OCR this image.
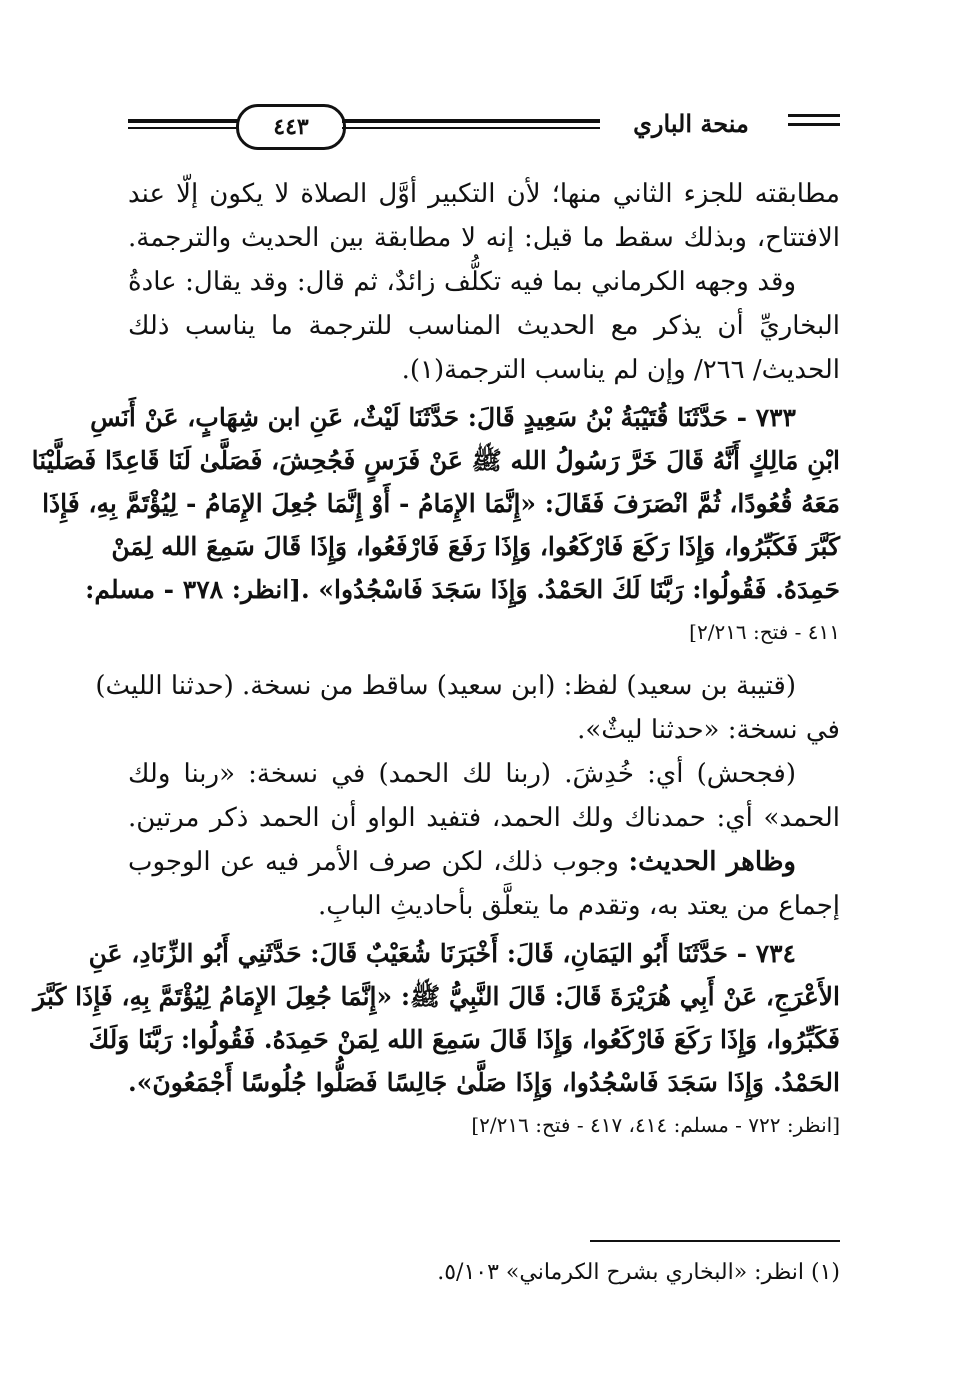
٤٤٣	منحة الباري
مطابقته للجزء الثاني منها؛ لأن التكبير أوَّل الصلاة لا يكون إلّا عند
الافتتاح، وبذلك سقط ما قيل: إنه لا مطابقة بين الحديث والترجمة.
وقد وجهه الكرماني بما فيه تكلُّف زائدٌ، ثم قال: وقد يقال: عادةُ
البخاريِّ أن يذكر مع الحديث المناسب للترجمة ما يناسب ذلك
الحديث/ ٢٦٦/ وإن لم يناسب الترجمة(١).
٧٣٣ - حَدَّثَنَا قُتَيْبَةُ بْنُ سَعِيدٍ قَالَ: حَدَّثَنَا لَيْثٌ، عَنِ ابن شِهَابٍ، عَنْ أَنَسِ
ابْنِ مَالِكٍ أَنَّهُ قَالَ خَرَّ رَسُولُ الله ﷺ عَنْ فَرَسٍ فَجُحِشَ، فَصَلَّىٰ لَنَا قَاعِدًا فَصَلَّيْنَا
مَعَهُ قُعُودًا، ثُمَّ انْصَرَفَ فَقَالَ: «إِنَّمَا الإِمَامُ - أَوْ إِنَّمَا جُعِلَ الإِمَامُ - لِيُؤْتَمَّ بِهِ، فَإِذَا
كَبَّرَ فَكَبِّرُوا، وَإِذَا رَكَعَ فَارْكَعُوا، وَإِذَا رَفَعَ فَارْفَعُوا، وَإِذَا قَالَ سَمِعَ الله لِمَنْ
حَمِدَهُ. فَقُولُوا: رَبَّنَا لَكَ الحَمْدُ. وَإِذَا سَجَدَ فَاسْجُدُوا» .[انظر: ٣٧٨ - مسلم:
٤١١ - فتح: ٢/٢١٦]
(قتيبة بن سعيد) لفظ: (ابن سعيد) ساقط من نسخة. (حدثنا الليث)
في نسخة: «حدثنا ليثٌ».
(فجحش) أي: خُدِشَ. (ربنا لك الحمد) في نسخة: «ربنا ولك
الحمد» أي: حمدناك ولك الحمد، فتفيد الواو أن الحمد ذكر مرتين.
وظاهر الحديث: وجوب ذلك، لكن صرف الأمر فيه عن الوجوب
إجماع من يعتد به، وتقدم ما يتعلَّق بأحاديثِ البابِ.
٧٣٤ - حَدَّثَنَا أَبُو اليَمَانِ، قَالَ: أَخْبَرَنَا شُعَيْبٌ قَالَ: حَدَّثَنِي أَبُو الزِّنَادِ، عَنِ
الأَعْرَجِ، عَنْ أَبِي هُرَيْرَةَ قَالَ: قَالَ النَّبِيُّ ﷺ: «إِنَّمَا جُعِلَ الإِمَامُ لِيُؤْتَمَّ بِهِ، فَإِذَا كَبَّرَ
فَكَبِّرُوا، وَإِذَا رَكَعَ فَارْكَعُوا، وَإِذَا قَالَ سَمِعَ الله لِمَنْ حَمِدَهُ. فَقُولُوا: رَبَّنَا وَلَكَ
الحَمْدُ. وَإِذَا سَجَدَ فَاسْجُدُوا، وَإِذَا صَلَّىٰ جَالِسًا فَصَلُّوا جُلُوسًا أَجْمَعُونَ».
[انظر: ٧٢٢ - مسلم: ٤١٤، ٤١٧ - فتح: ٢/٢١٦]
(١) انظر: «البخاري بشرح الكرماني» ٥/١٠٣.
